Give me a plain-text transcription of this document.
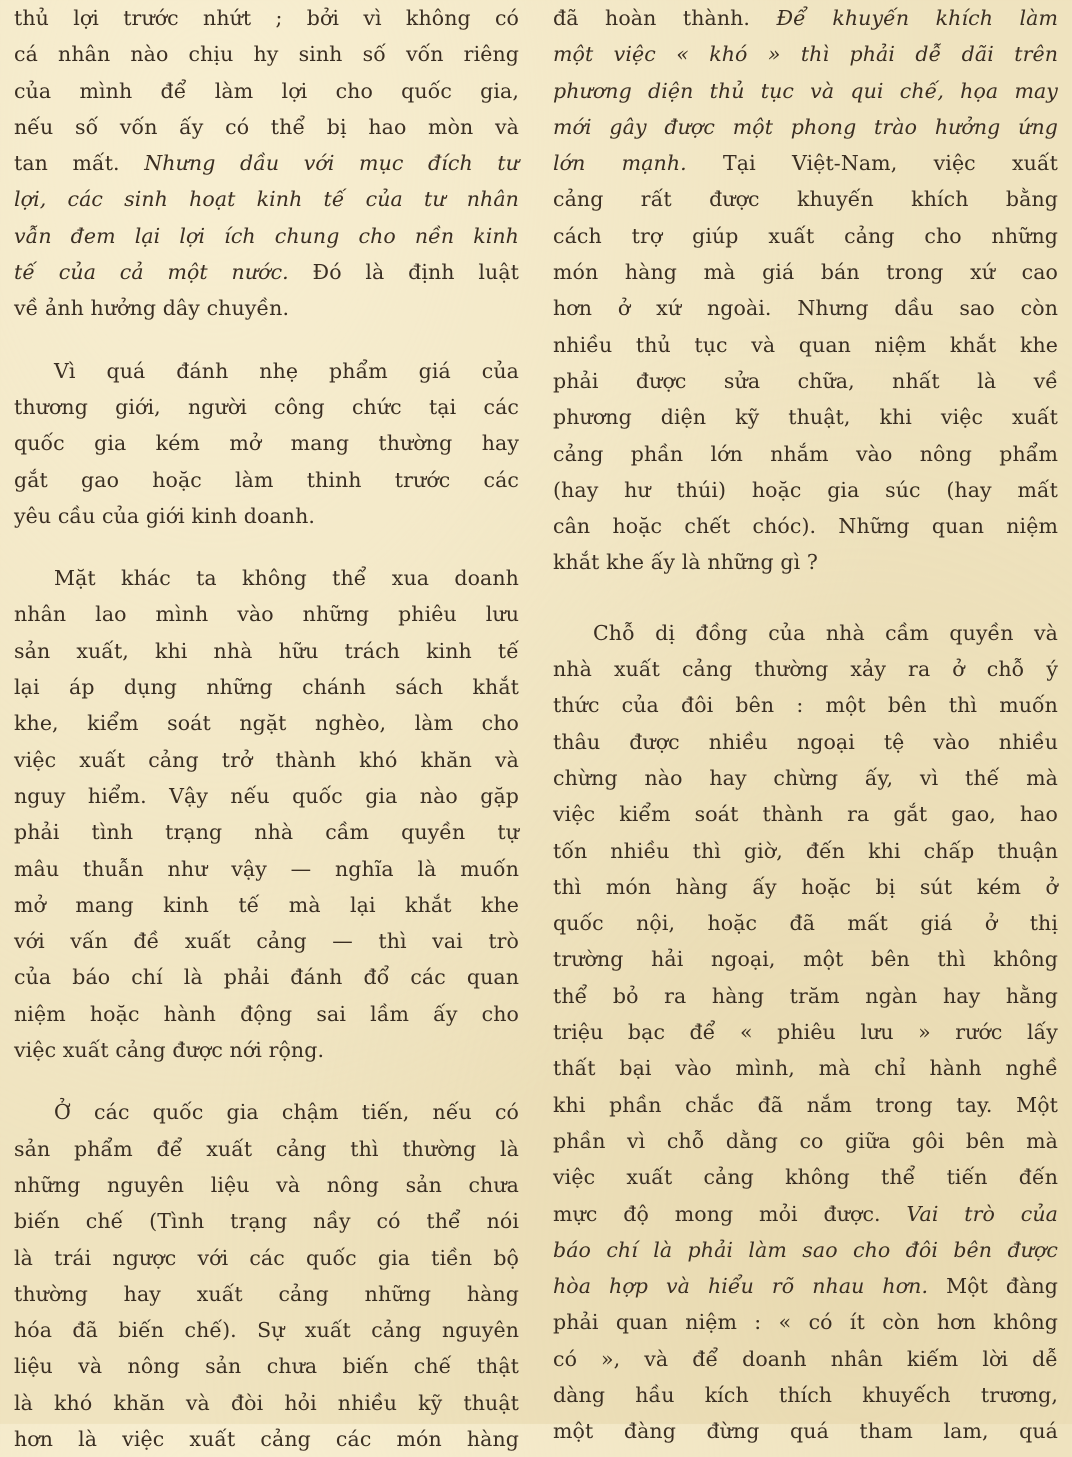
thủ lợi trước nhứt ; bởi vì không có
cá nhân nào chịu hy sinh số vốn riêng
của mình để làm lợi cho quốc gia,
nếu số vốn ấy có thể bị hao mòn và
tan mất. Nhưng dầu với mục đích tư
lợi, các sinh hoạt kinh tế của tư nhân
vẫn đem lại lợi ích chung cho nền kinh
tế của cả một nước. Đó là định luật
về ảnh hưởng dây chuyền.
Vì quá đánh nhẹ phẩm giá của
thương giới, người công chức tại các
quốc gia kém mở mang thường hay
gắt gao hoặc làm thinh trước các
yêu cầu của giới kinh doanh.
Mặt khác ta không thể xua doanh
nhân lao mình vào những phiêu lưu
sản xuất, khi nhà hữu trách kinh tế
lại áp dụng những chánh sách khắt
khe, kiểm soát ngặt nghèo, làm cho
việc xuất cảng trở thành khó khăn và
nguy hiểm. Vậy nếu quốc gia nào gặp
phải tình trạng nhà cầm quyền tự
mâu thuẫn như vậy — nghĩa là muốn
mở mang kinh tế mà lại khắt khe
với vấn đề xuất cảng — thì vai trò
của báo chí là phải đánh đổ các quan
niệm hoặc hành động sai lầm ấy cho
việc xuất cảng được nới rộng.
Ở các quốc gia chậm tiến, nếu có
sản phẩm để xuất cảng thì thường là
những nguyên liệu và nông sản chưa
biến chế (Tình trạng nầy có thể nói
là trái ngược với các quốc gia tiền bộ
thường hay xuất cảng những hàng
hóa đã biến chế). Sự xuất cảng nguyên
liệu và nông sản chưa biến chế thật
là khó khăn và đòi hỏi nhiều kỹ thuật
hơn là việc xuất cảng các món hàng
đã hoàn thành. Để khuyến khích làm
một việc « khó » thì phải dễ dãi trên
phương diện thủ tục và qui chế, họa may
mới gây được một phong trào hưởng ứng
lớn mạnh. Tại Việt-Nam, việc xuất
cảng rất được khuyến khích bằng
cách trợ giúp xuất cảng cho những
món hàng mà giá bán trong xứ cao
hơn ở xứ ngoài. Nhưng dầu sao còn
nhiều thủ tục và quan niệm khắt khe
phải được sửa chữa, nhất là về
phương diện kỹ thuật, khi việc xuất
cảng phần lớn nhắm vào nông phẩm
(hay hư thúi) hoặc gia súc (hay mất
cân hoặc chết chóc). Những quan niệm
khắt khe ấy là những gì ?
Chỗ dị đồng của nhà cầm quyền và
nhà xuất cảng thường xảy ra ở chỗ ý
thức của đôi bên : một bên thì muốn
thâu được nhiều ngoại tệ vào nhiều
chừng nào hay chừng ấy, vì thế mà
việc kiểm soát thành ra gắt gao, hao
tốn nhiều thì giờ, đến khi chấp thuận
thì món hàng ấy hoặc bị sút kém ở
quốc nội, hoặc đã mất giá ở thị
trường hải ngoại, một bên thì không
thể bỏ ra hàng trăm ngàn hay hằng
triệu bạc để « phiêu lưu » rước lấy
thất bại vào mình, mà chỉ hành nghề
khi phần chắc đã nắm trong tay. Một
phần vì chỗ dằng co giữa gôi bên mà
việc xuất cảng không thể tiến đến
mực độ mong mỏi được. Vai trò của
báo chí là phải làm sao cho đôi bên được
hòa hợp và hiểu rõ nhau hơn. Một đàng
phải quan niệm : « có ít còn hơn không
có », và để doanh nhân kiếm lời dễ
dàng hầu kích thích khuyếch trương,
một đàng đừng quá tham lam, quá
